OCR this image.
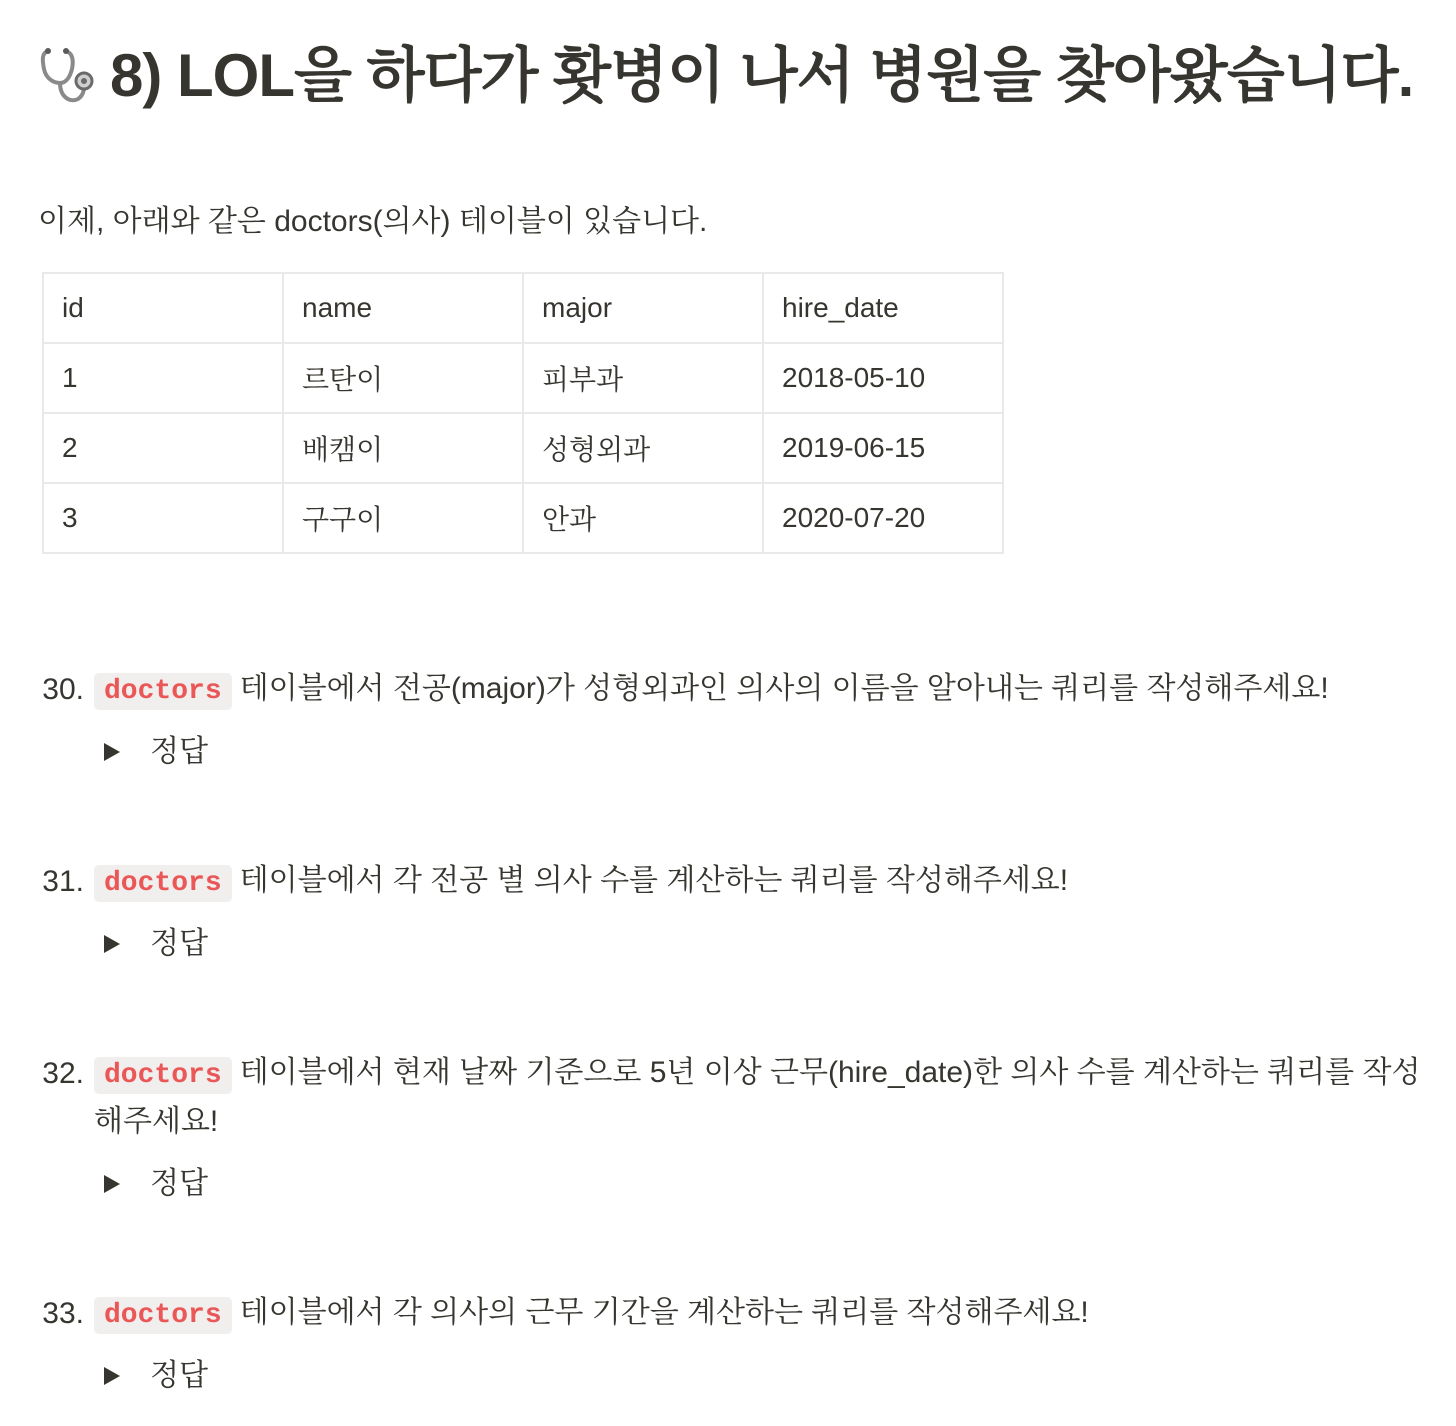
8) LOL을 하다가 홧병이 나서 병원을 찾아왔습니다.
이제, 아래와 같은 doctors(의사) 테이블이 있습니다.
id	name	major	hire_date
1	르탄이	피부과	2018-05-10
2	배캠이	성형외과	2019-06-15
3	구구이	안과	2020-07-20
30. doctors 테이블에서 전공(major)가 성형외과인 의사의 이름을 알아내는 쿼리를 작성해주세요!
정답
31. doctors 테이블에서 각 전공 별 의사 수를 계산하는 쿼리를 작성해주세요!
정답
32. doctors 테이블에서 현재 날짜 기준으로 5년 이상 근무(hire_date)한 의사 수를 계산하는 쿼리를 작성해주세요!
정답
33. doctors 테이블에서 각 의사의 근무 기간을 계산하는 쿼리를 작성해주세요!
정답
